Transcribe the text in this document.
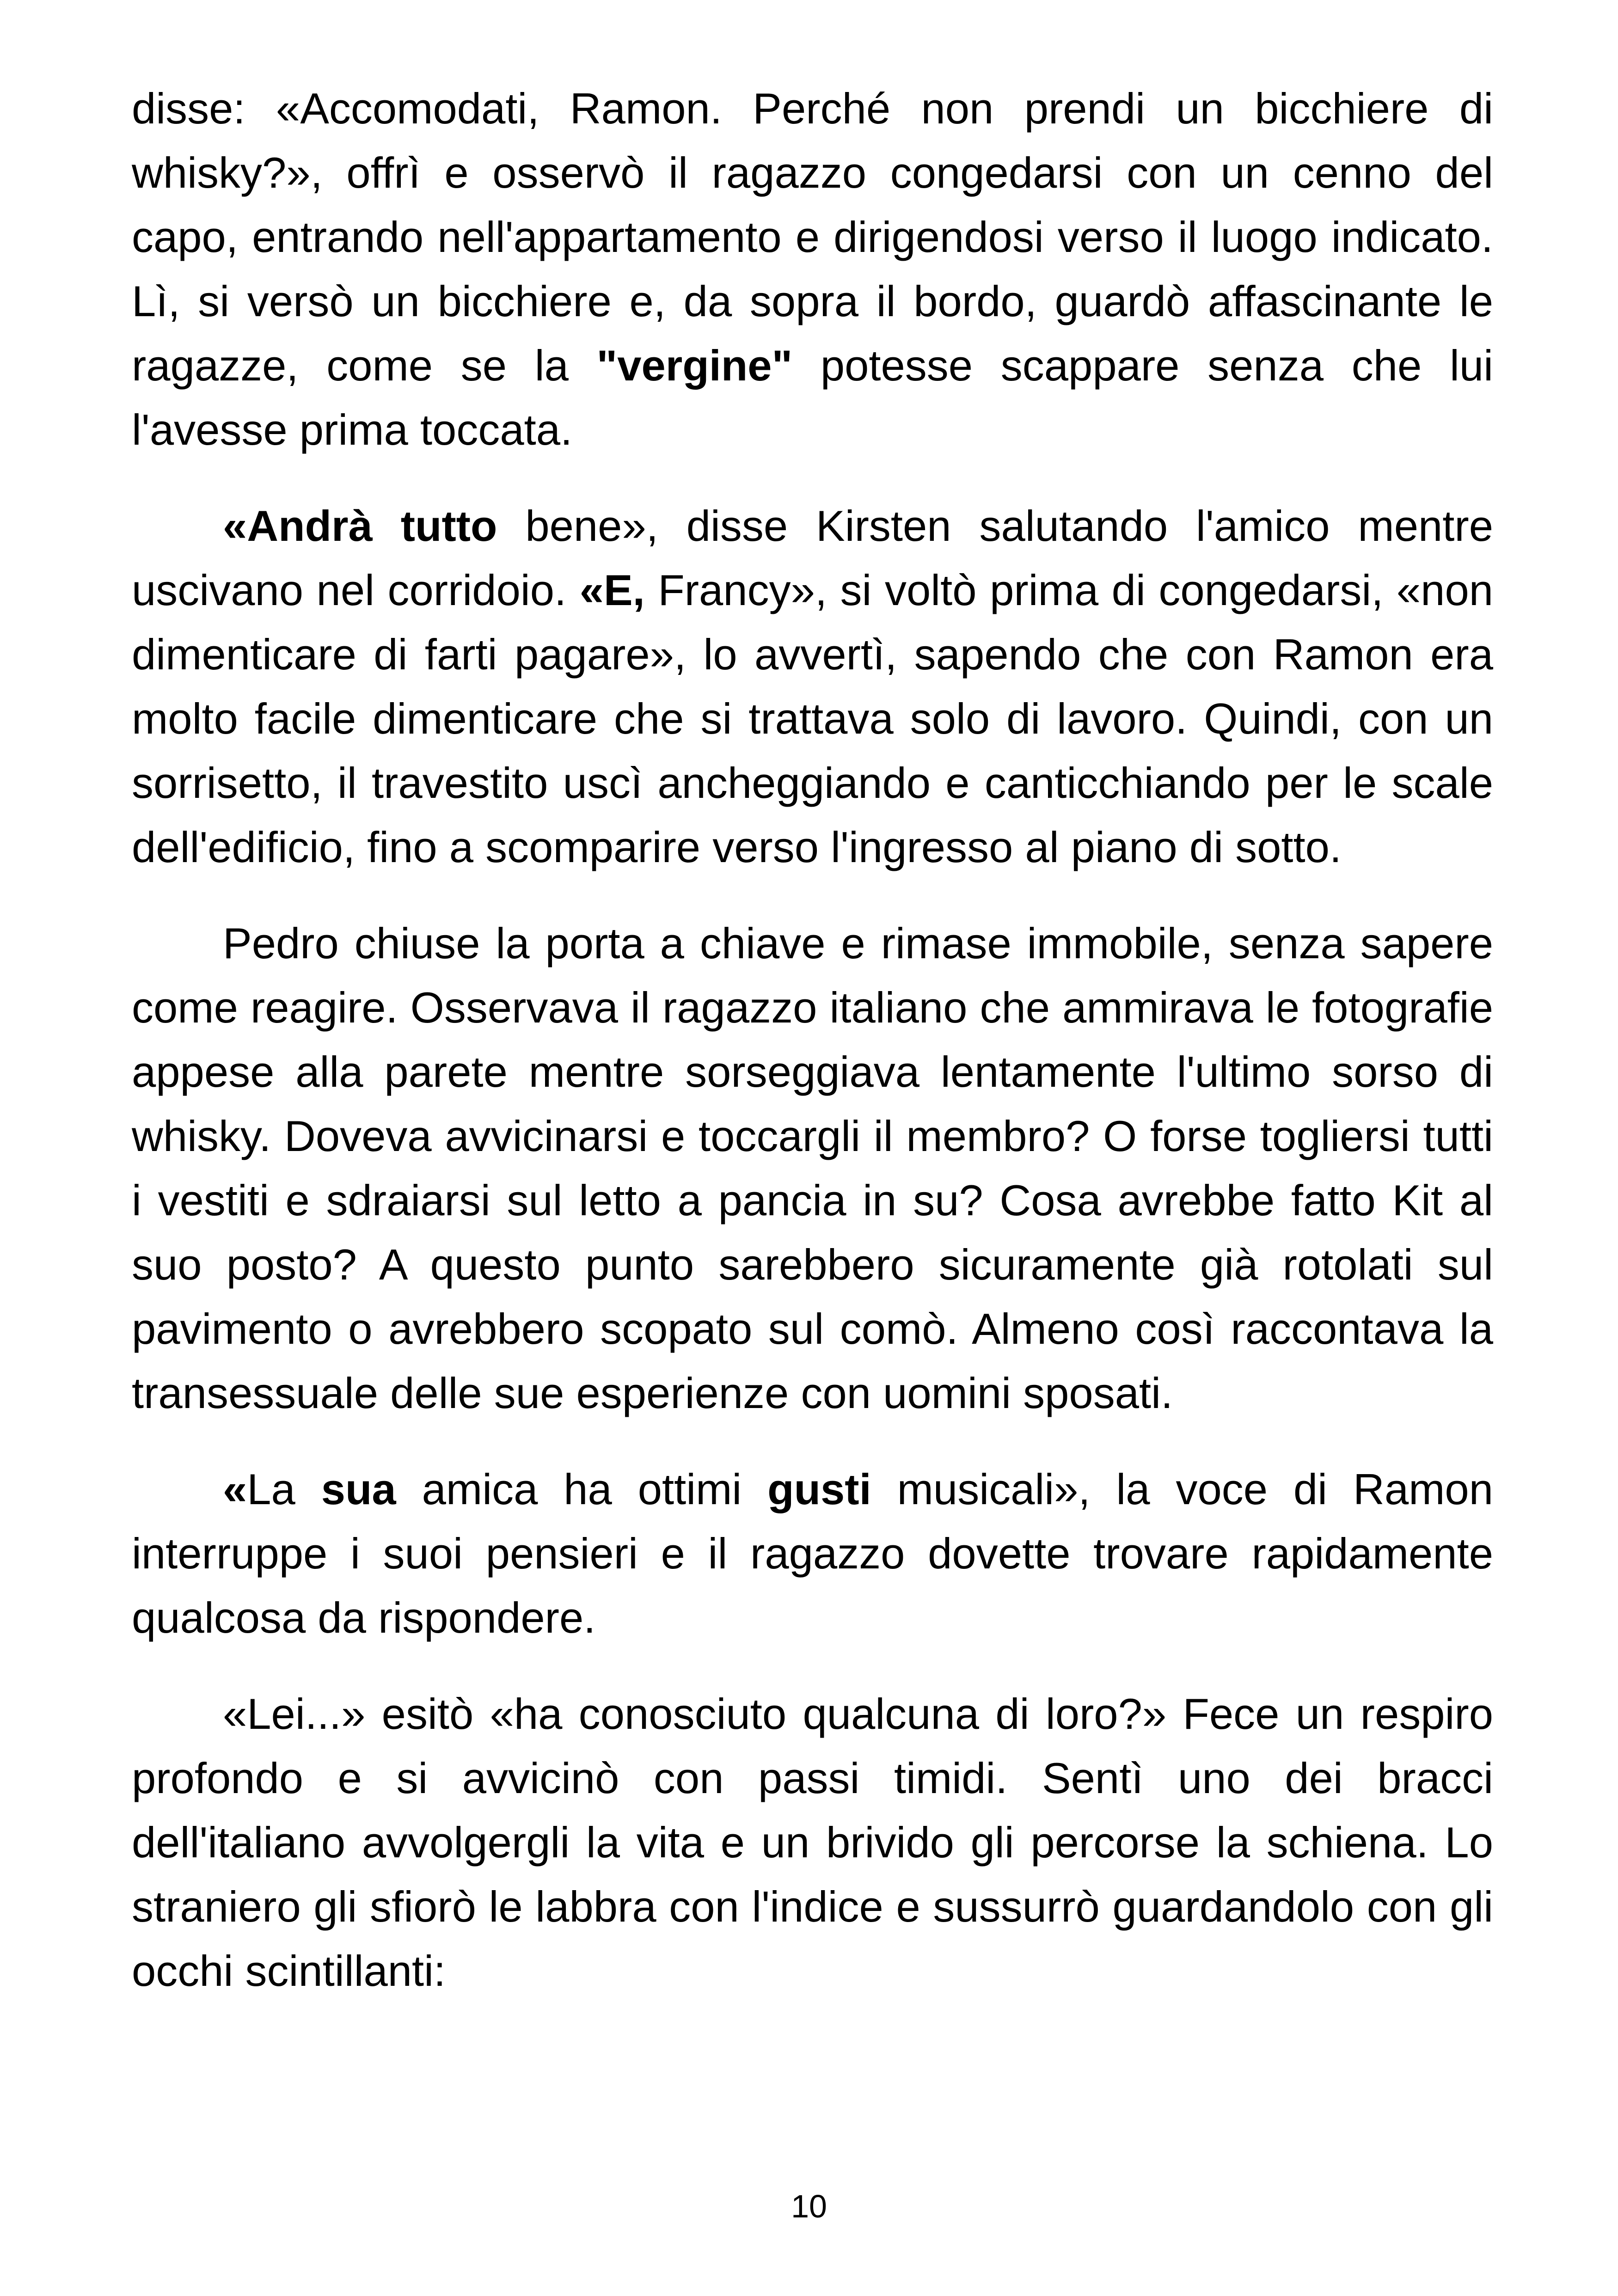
disse: «Accomodati, Ramon. Perché non prendi un bicchiere di whisky?», offrì e osservò il ragazzo congedarsi con un cenno del capo, entrando nell'appartamento e dirigendosi verso il luogo indicato. Lì, si versò un bicchiere e, da sopra il bordo, guardò affascinante le ragazze, come se la "vergine" potesse scappare senza che lui l'avesse prima toccata.

«Andrà tutto bene», disse Kirsten salutando l'amico mentre uscivano nel corridoio. «E, Francy», si voltò prima di congedarsi, «non dimenticare di farti pagare», lo avvertì, sapendo che con Ramon era molto facile dimenticare che si trattava solo di lavoro. Quindi, con un sorrisetto, il travestito uscì ancheggiando e canticchiando per le scale dell'edificio, fino a scomparire verso l'ingresso al piano di sotto.

Pedro chiuse la porta a chiave e rimase immobile, senza sapere come reagire. Osservava il ragazzo italiano che ammirava le fotografie appese alla parete mentre sorseggiava lentamente l'ultimo sorso di whisky. Doveva avvicinarsi e toccargli il membro? O forse togliersi tutti i vestiti e sdraiarsi sul letto a pancia in su? Cosa avrebbe fatto Kit al suo posto? A questo punto sarebbero sicuramente già rotolati sul pavimento o avrebbero scopato sul comò. Almeno così raccontava la transessuale delle sue esperienze con uomini sposati.

«La sua amica ha ottimi gusti musicali», la voce di Ramon interruppe i suoi pensieri e il ragazzo dovette trovare rapidamente qualcosa da rispondere.

«Lei...» esitò «ha conosciuto qualcuna di loro?» Fece un respiro profondo e si avvicinò con passi timidi. Sentì uno dei bracci dell'italiano avvolgergli la vita e un brivido gli percorse la schiena. Lo straniero gli sfiorò le labbra con l'indice e sussurrò guardandolo con gli occhi scintillanti:

10
